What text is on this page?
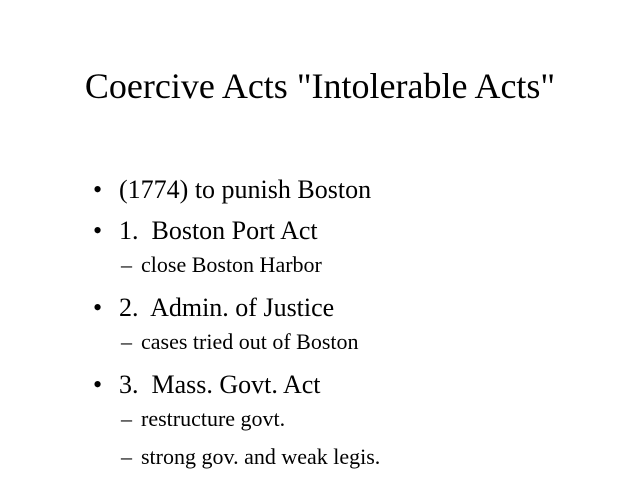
Coercive Acts "Intolerable Acts"

• (1774) to punish Boston

• 1.  Boston Port Act

– close Boston Harbor

• 2.  Admin. of Justice

– cases tried out of Boston

• 3.  Mass. Govt. Act

– restructure govt.

– strong gov. and weak legis.
